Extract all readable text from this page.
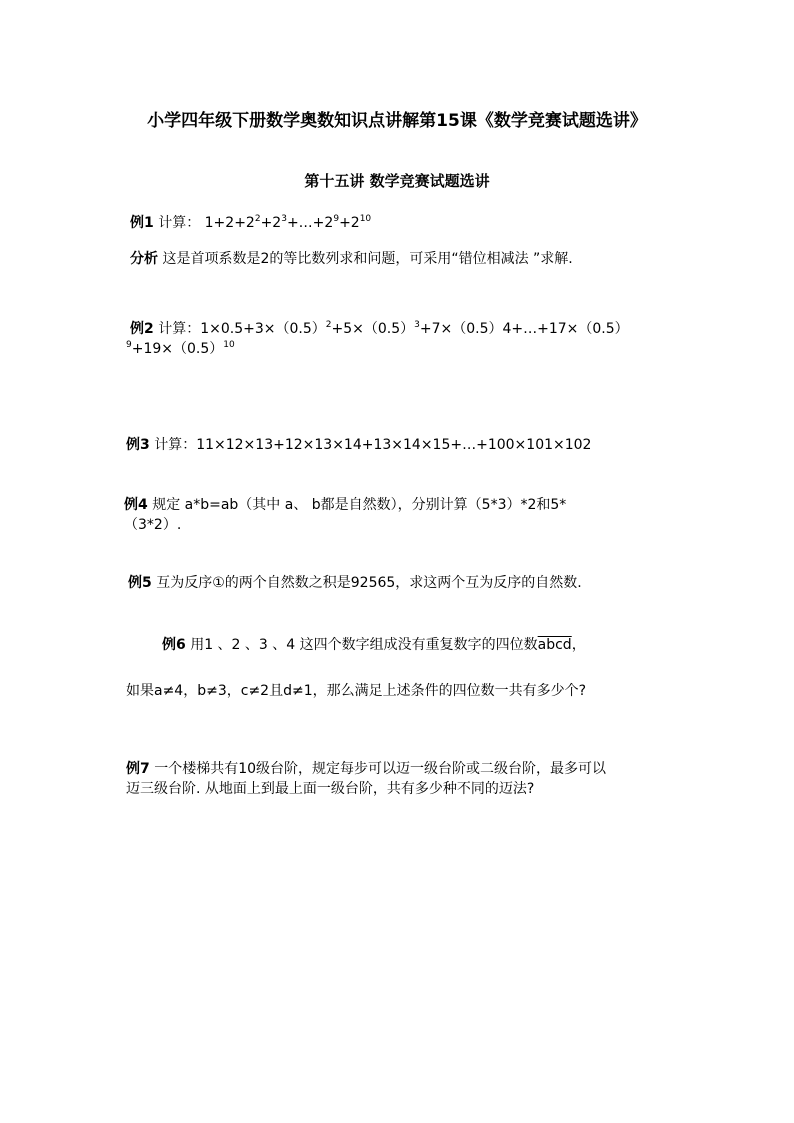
小学四年级下册数学奥数知识点讲解第15课《数学竞赛试题选讲》
第十五讲 数学竞赛试题选讲
例1 计算： $1+2+2^2+2^3+\dots+2^9+2^{10}$
分析 这是首项系数是2的等比数列求和问题，可采用“错位相减法 ”求解.
例2 计算：$1\times 0.5+3\times(0.5)^2+5\times(0.5)^3+7\times(0.5)4+\dots+17\times(0.5)$
$^9+19\times(0.5)^{10}$
例3 计算：11×12×13+12×13×14+13×14×15+…+100×101×102
例4 规定 a*b=ab（其中 a、 b都是自然数），分别计算（5*3）*2和5*
（3*2）.
例5 互为反序①的两个自然数之积是92565，求这两个互为反序的自然数.
例6 用1 、2 、3 、4 这四个数字组成没有重复数字的四位数abcd，
如果a≠4，b≠3，c≠2且d≠1，那么满足上述条件的四位数一共有多少个?
例7 一个楼梯共有10级台阶，规定每步可以迈一级台阶或二级台阶，最多可以
迈三级台阶. 从地面上到最上面一级台阶，共有多少种不同的迈法?
